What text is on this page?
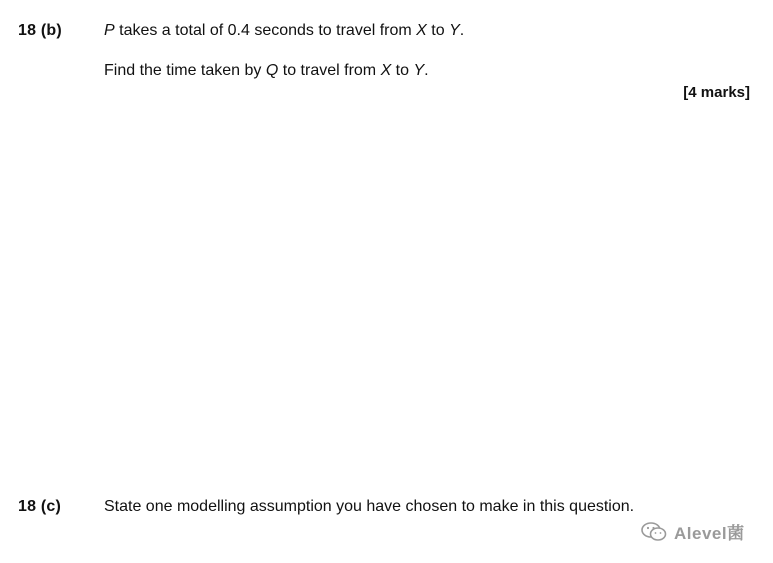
18 (b)	P takes a total of 0.4 seconds to travel from X to Y.
Find the time taken by Q to travel from X to Y.
[4 marks]
18 (c)	State one modelling assumption you have chosen to make in this question.
Alevel菌
